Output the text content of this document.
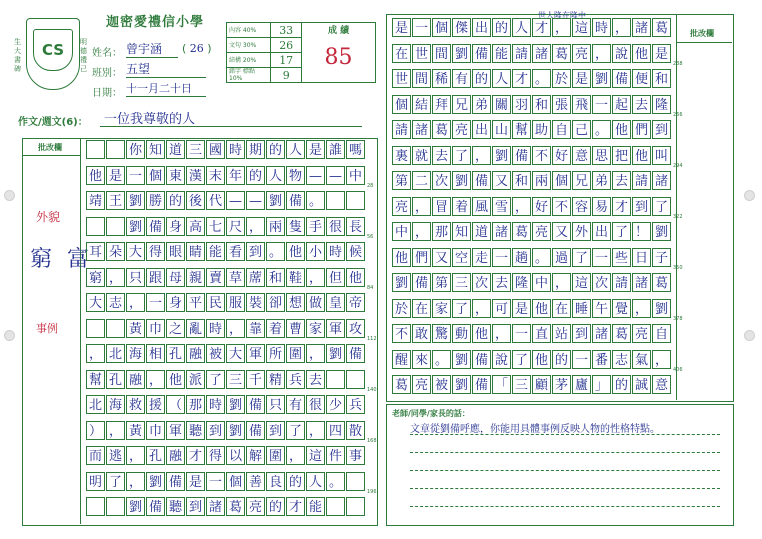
CS
生大書碑
明德禮己
迦密愛禮信小學
姓名： 曾宇涵	( 26 )
班別： 五望
日期： 十一月二十日
內容 40%	33	成 績
85

文句 30%	26	
結構 20%	17	
錯字 標點 10%	9	
作文/週文(6)： 一位我尊敬的人
批改欄
外貌
窮 富
事例
你 知 道 三 國 時 期 的 人 是 誰 嗎
他 是 一 個 東 漢 末 年 的 人 物 — — 中
28
靖 王 劉 勝 的 後 代 — — 劉 備 。
劉 備 身 高 七 尺 ， 兩 隻 手 很 長
56
耳 朵 大 得 眼 睛 能 看 到 。 他 小 時 候
窮 ， 只 跟 母 親 賣 草 蓆 和 鞋 ， 但 他
84
大 志 ， 一 身 平 民 服 裝 卻 想 做 皇 帝
黃 巾 之 亂 時 ， 靠 着 曹 家 軍 攻
112
， 北 海 相 孔 融 被 大 軍 所 圍 ， 劉 備
幫 孔 融 ， 他 派 了 三 千 精 兵 去
140
北 海 救 援 （ 那 時 劉 備 只 有 很 少 兵
） ， 黃 巾 軍 聽 到 劉 備 到 了 ， 四 散
168
而 逃 ， 孔 融 才 得 以 解 圍 ， 這 件 事
明 了 ， 劉 備 是 一 個 善 良 的 人 。
196
劉 備 聽 到 諸 葛 亮 的 才 能
批改欄
世人隆在隆中
是 一 個 傑 出 的 人 才 ， 這 時 ， 諸 葛
在 世 間 劉 備 能 請 諸 葛 亮 ， 說 他 是
238
世 間 稀 有 的 人 才 。 於 是 劉 備 便 和
個 結 拜 兄 弟 關 羽 和 張 飛 一 起 去 隆
266
請 諸 葛 亮 出 山 幫 助 自 己 。 他 們 到
裏 就 去 了 ， 劉 備 不 好 意 思 把 他 叫
294
第 二 次 劉 備 又 和 兩 個 兄 弟 去 請 諸
亮 ， 冒 着 風 雪 ， 好 不 容 易 才 到 了
322
中 ， 那 知 道 諸 葛 亮 又 外 出 了 ！ 劉
他 們 又 空 走 一 趟 。 過 了 一 些 日 子
350
劉 備 第 三 次 去 隆 中 ， 這 次 請 諸 葛
於 在 家 了 ， 可 是 他 在 睡 午 覺 ， 劉
378
不 敢 驚 動 他 ， 一 直 站 到 諸 葛 亮 自
醒 來 。 劉 備 說 了 他 的 一 番 志 氣 ，
406
葛 亮 被 劉 備 「 三 顧 茅 廬 」 的 誠 意
老師/同學/家長的話：
文章從劉備呼應，你能用具體事例反映人物的性格特點。
